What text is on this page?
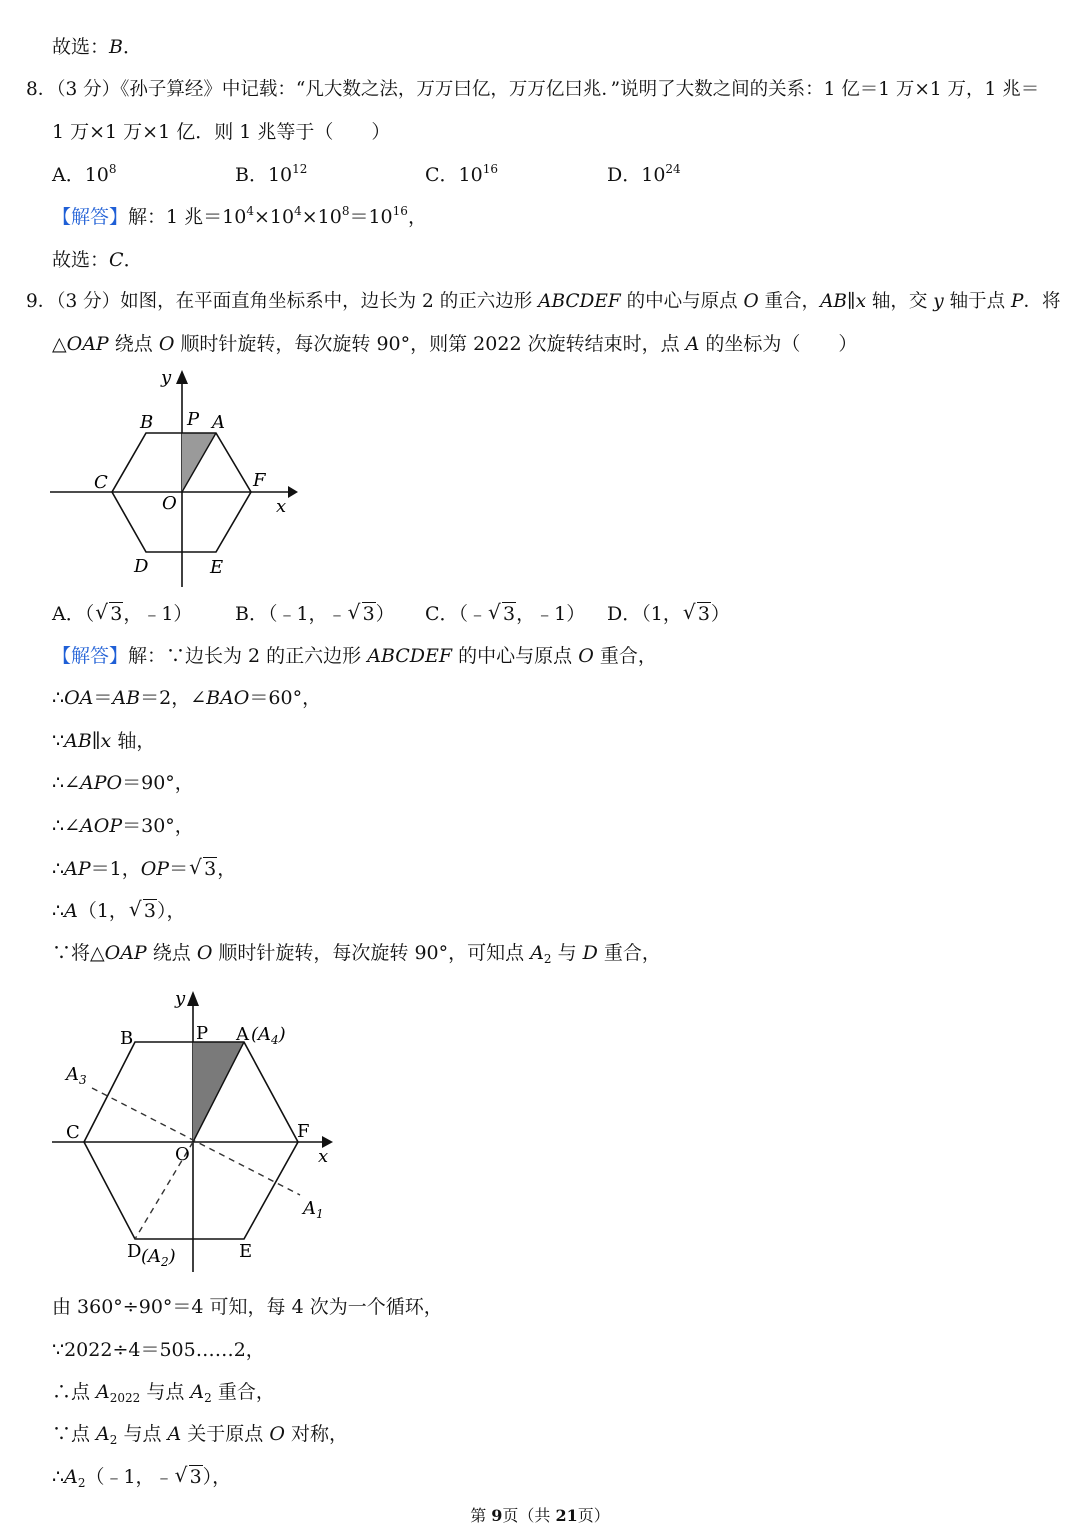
故选：B．
8．（3 分）《孙子算经》中记载：“凡大数之法，万万曰亿，万万亿曰兆．”说明了大数之间的关系：1 亿＝1 万×1 万，1 兆＝
1 万×1 万×1 亿．则 1 兆等于（　　）
A．$10^8$	B．$10^{12}$	C．$10^{16}$	D．$10^{24}$
【解答】解：1 兆$=10^4\times 10^4\times 10^8=10^{16}$，
故选：C．
9．（3 分）如图，在平面直角坐标系中，边长为 2 的正六边形 ABCDEF 的中心与原点 O 重合，AB∥x 轴，交 y 轴于点 P．将
△OAP 绕点 O 顺时针旋转，每次旋转 90°，则第 2022 次旋转结束时，点 A 的坐标为（　　）
y
x
B P A
C	F
O
D	E
A．（ √ 3，﹣1） B．（﹣1，﹣ √ 3） C．（﹣ √ 3，﹣1） D．（1， √ 3）
【解答】解：∵边长为 2 的正六边形 ABCDEF 的中心与原点 O 重合，
∴OA＝AB＝2，∠BAO＝60°，
∵AB∥x 轴，
∴∠APO＝90°，
∴∠AOP＝30°，
∴AP＝1，OP＝ √ 3，
∴A（1， √ 3），
∵将△OAP 绕点 O 顺时针旋转，每次旋转 90°，可知点 $A_2$ 与 D 重合，
y
x
B	P A $(A_4)$
$A_3$
C	F
O
$A_1$
D $(A_2)$	E
由 360°÷90°＝4 可知，每 4 次为一个循环，
∵2022÷4＝505……2，
∴点 $A_{2022}$ 与点 $A_2$ 重合，
∵点 $A_2$ 与点 A 关于原点 O 对称，
$\therefore A_2(﹣1$，﹣ √ 3），
第 9页（共 21页）
